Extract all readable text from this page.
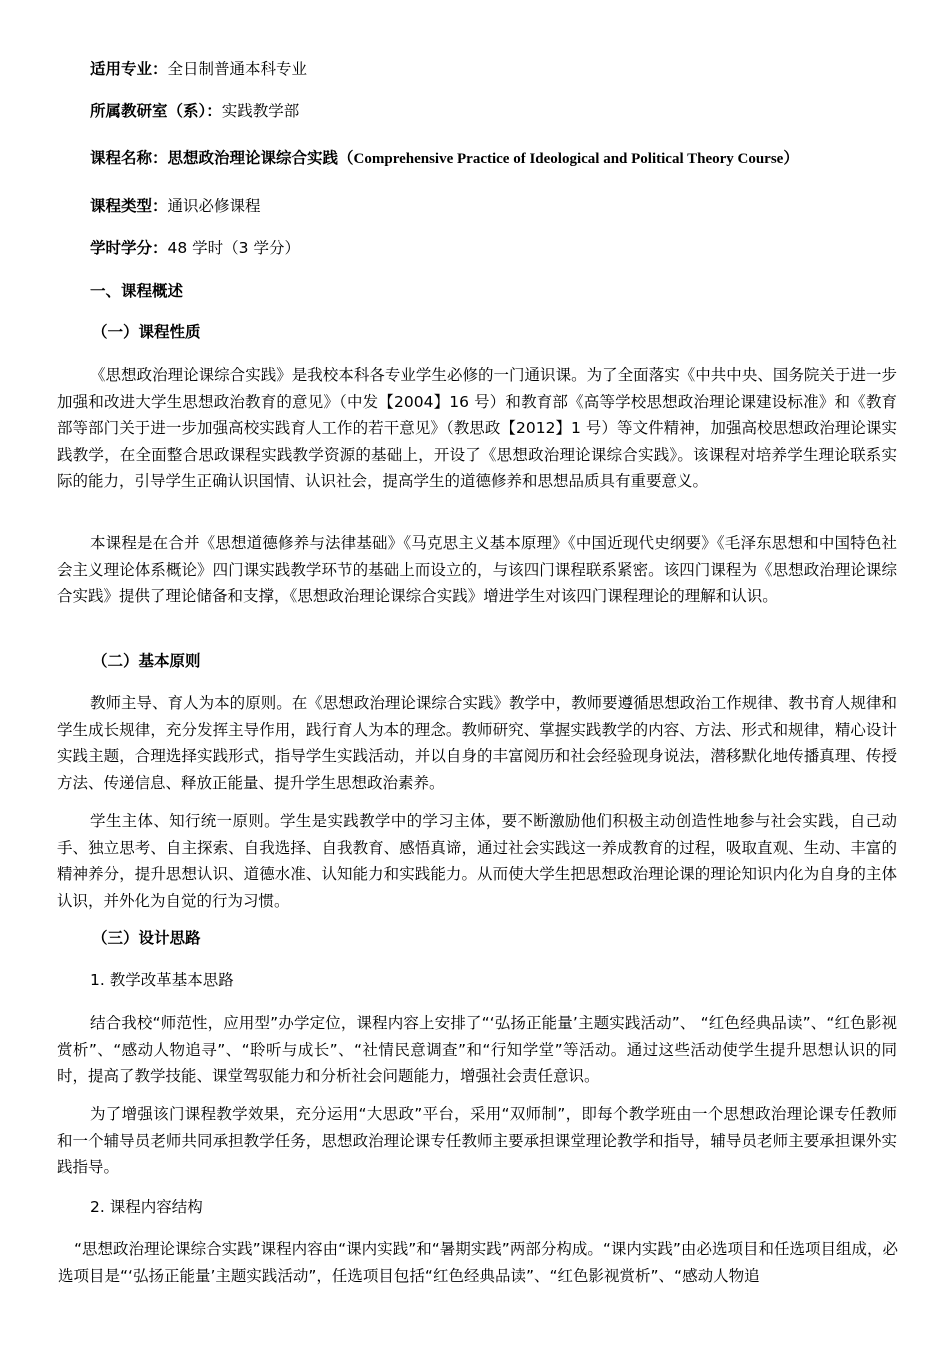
适用专业：全日制普通本科专业
所属教研室（系）：实践教学部
课程名称：思想政治理论课综合实践（Comprehensive Practice of Ideological and Political Theory Course）
课程类型：通识必修课程
学时学分：48 学时（3 学分）
一、课程概述
（一）课程性质

《思想政治理论课综合实践》是我校本科各专业学生必修的一门通识课。为了全面落实《中共中央、国务院关于进一步加强和改进大学生思想政治教育的意见》（中发【2004】16 号）和教育部《高等学校思想政治理论课建设标准》和《教育部等部门关于进一步加强高校实践育人工作的若干意见》（教思政【2012】1 号）等文件精神，加强高校思想政治理论课实践教学，在全面整合思政课程实践教学资源的基础上，开设了《思想政治理论课综合实践》。该课程对培养学生理论联系实际的能力，引导学生正确认识国情、认识社会，提高学生的道德修养和思想品质具有重要意义。

本课程是在合并《思想道德修养与法律基础》《马克思主义基本原理》《中国近现代史纲要》《毛泽东思想和中国特色社会主义理论体系概论》四门课实践教学环节的基础上而设立的，与该四门课程联系紧密。该四门课程为《思想政治理论课综合实践》提供了理论储备和支撑，《思想政治理论课综合实践》增进学生对该四门课程理论的理解和认识。

（二）基本原则

教师主导、育人为本的原则。在《思想政治理论课综合实践》教学中，教师要遵循思想政治工作规律、教书育人规律和学生成长规律，充分发挥主导作用，践行育人为本的理念。教师研究、掌握实践教学的内容、方法、形式和规律，精心设计实践主题，合理选择实践形式，指导学生实践活动，并以自身的丰富阅历和社会经验现身说法，潜移默化地传播真理、传授方法、传递信息、释放正能量、提升学生思想政治素养。

学生主体、知行统一原则。学生是实践教学中的学习主体，要不断激励他们积极主动创造性地参与社会实践，自己动手、独立思考、自主探索、自我选择、自我教育、感悟真谛，通过社会实践这一养成教育的过程，吸取直观、生动、丰富的精神养分，提升思想认识、道德水准、认知能力和实践能力。从而使大学生把思想政治理论课的理论知识内化为自身的主体认识，并外化为自觉的行为习惯。

（三）设计思路
1. 教学改革基本思路

结合我校“师范性，应用型”办学定位，课程内容上安排了“‘弘扬正能量’主题实践活动”、 “红色经典品读”、“红色影视赏析”、“感动人物追寻”、“聆听与成长”、“社情民意调查”和“行知学堂”等活动。通过这些活动使学生提升思想认识的同时，提高了教学技能、课堂驾驭能力和分析社会问题能力，增强社会责任意识。

为了增强该门课程教学效果，充分运用“大思政”平台，采用“双师制”，即每个教学班由一个思想政治理论课专任教师和一个辅导员老师共同承担教学任务，思想政治理论课专任教师主要承担课堂理论教学和指导，辅导员老师主要承担课外实践指导。

2. 课程内容结构

“思想政治理论课综合实践”课程内容由“课内实践”和“暑期实践”两部分构成。“课内实践”由必选项目和任选项目组成，必选项目是“‘弘扬正能量’主题实践活动”，任选项目包括“红色经典品读”、“红色影视赏析”、“感动人物追
